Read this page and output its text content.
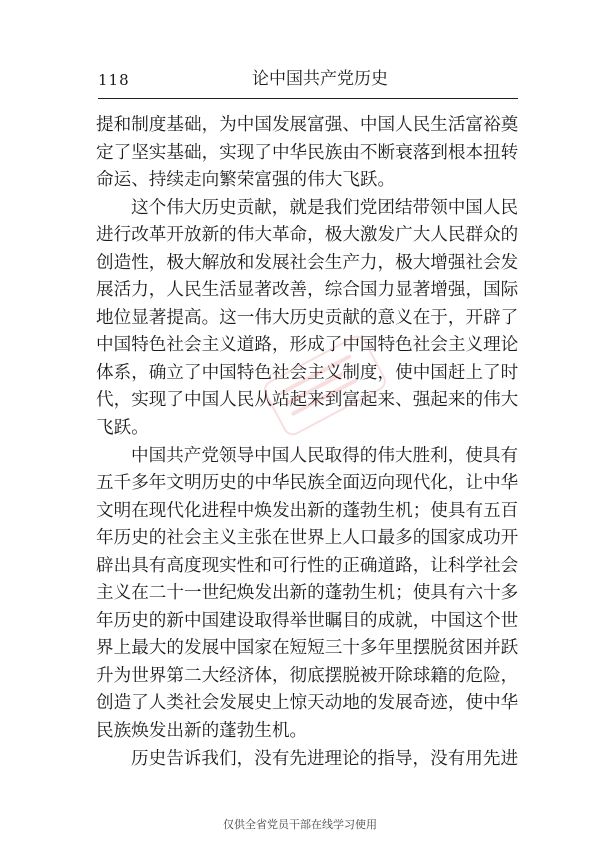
118	论中国共产党历史
提和制度基础，为中国发展富强、中国人民生活富裕奠
定了坚实基础，实现了中华民族由不断衰落到根本扭转
命运、持续走向繁荣富强的伟大飞跃。
这个伟大历史贡献，就是我们党团结带领中国人民
进行改革开放新的伟大革命，极大激发广大人民群众的
创造性，极大解放和发展社会生产力，极大增强社会发
展活力，人民生活显著改善，综合国力显著增强，国际
地位显著提高。这一伟大历史贡献的意义在于，开辟了
中国特色社会主义道路，形成了中国特色社会主义理论
体系，确立了中国特色社会主义制度，使中国赶上了时
代，实现了中国人民从站起来到富起来、强起来的伟大
飞跃。
中国共产党领导中国人民取得的伟大胜利，使具有
五千多年文明历史的中华民族全面迈向现代化，让中华
文明在现代化进程中焕发出新的蓬勃生机；使具有五百
年历史的社会主义主张在世界上人口最多的国家成功开
辟出具有高度现实性和可行性的正确道路，让科学社会
主义在二十一世纪焕发出新的蓬勃生机；使具有六十多
年历史的新中国建设取得举世瞩目的成就，中国这个世
界上最大的发展中国家在短短三十多年里摆脱贫困并跃
升为世界第二大经济体，彻底摆脱被开除球籍的危险，
创造了人类社会发展史上惊天动地的发展奇迹，使中华
民族焕发出新的蓬勃生机。
历史告诉我们，没有先进理论的指导，没有用先进
仅供全省党员干部在线学习使用
